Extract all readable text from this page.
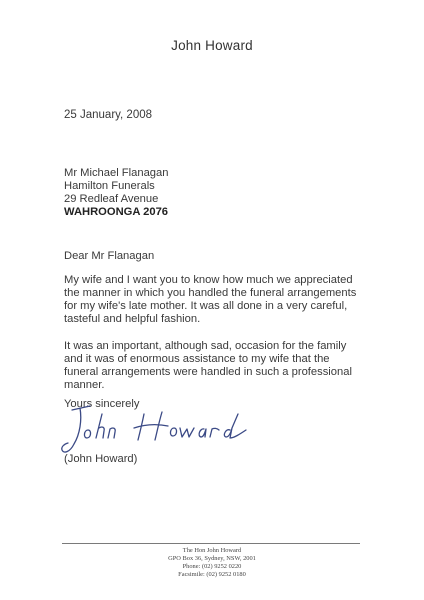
John Howard
25 January, 2008
Mr Michael Flanagan
Hamilton Funerals
29 Redleaf Avenue
WAHROONGA 2076
Dear Mr Flanagan
My wife and I want you to know how much we appreciated
the manner in which you handled the funeral arrangements
for my wife's late mother. It was all done in a very careful,
tasteful and helpful fashion.
It was an important, although sad, occasion for the family
and it was of enormous assistance to my wife that the
funeral arrangements were handled in such a professional
manner.
Yours sincerely
(John Howard)
The Hon John Howard
GPO Box 36, Sydney, NSW, 2001
Phone: (02) 9252 0220
Facsimile: (02) 9252 0180
